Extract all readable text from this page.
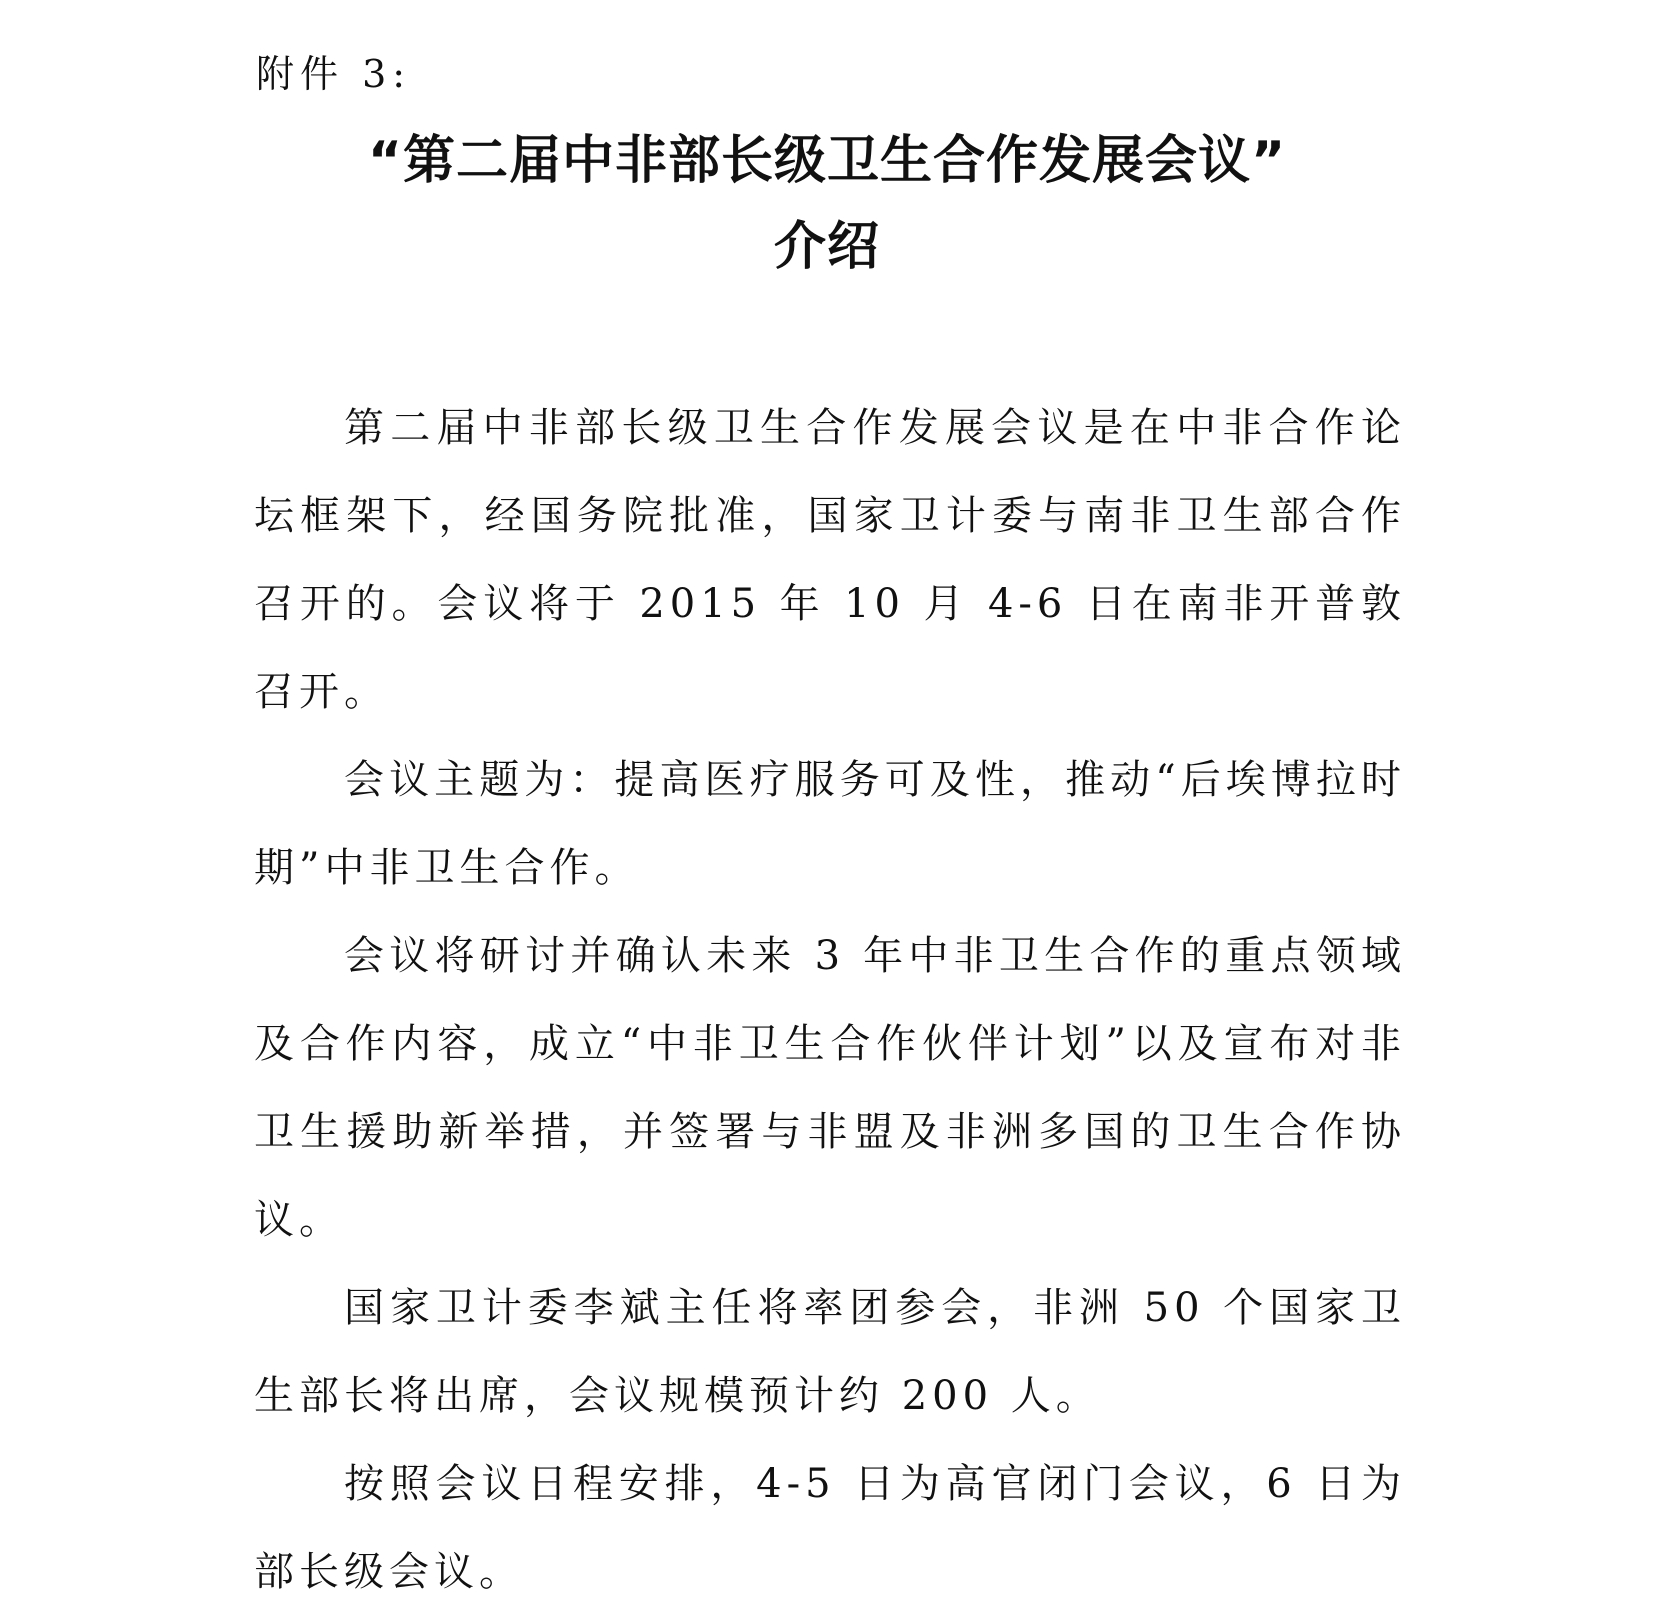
附件 3:
“第二届中非部长级卫生合作发展会议”
介绍

第二届中非部长级卫生合作发展会议是在中非合作论坛框架下，经国务院批准，国家卫计委与南非卫生部合作召开的。会议将于 2015 年 10 月 4-6 日在南非开普敦召开。

会议主题为：提高医疗服务可及性，推动“后埃博拉时期”中非卫生合作。

会议将研讨并确认未来 3 年中非卫生合作的重点领域及合作内容，成立“中非卫生合作伙伴计划”以及宣布对非卫生援助新举措，并签署与非盟及非洲多国的卫生合作协议。

国家卫计委李斌主任将率团参会，非洲 50 个国家卫生部长将出席，会议规模预计约 200 人。

按照会议日程安排，4-5 日为高官闭门会议，6 日为部长级会议。
